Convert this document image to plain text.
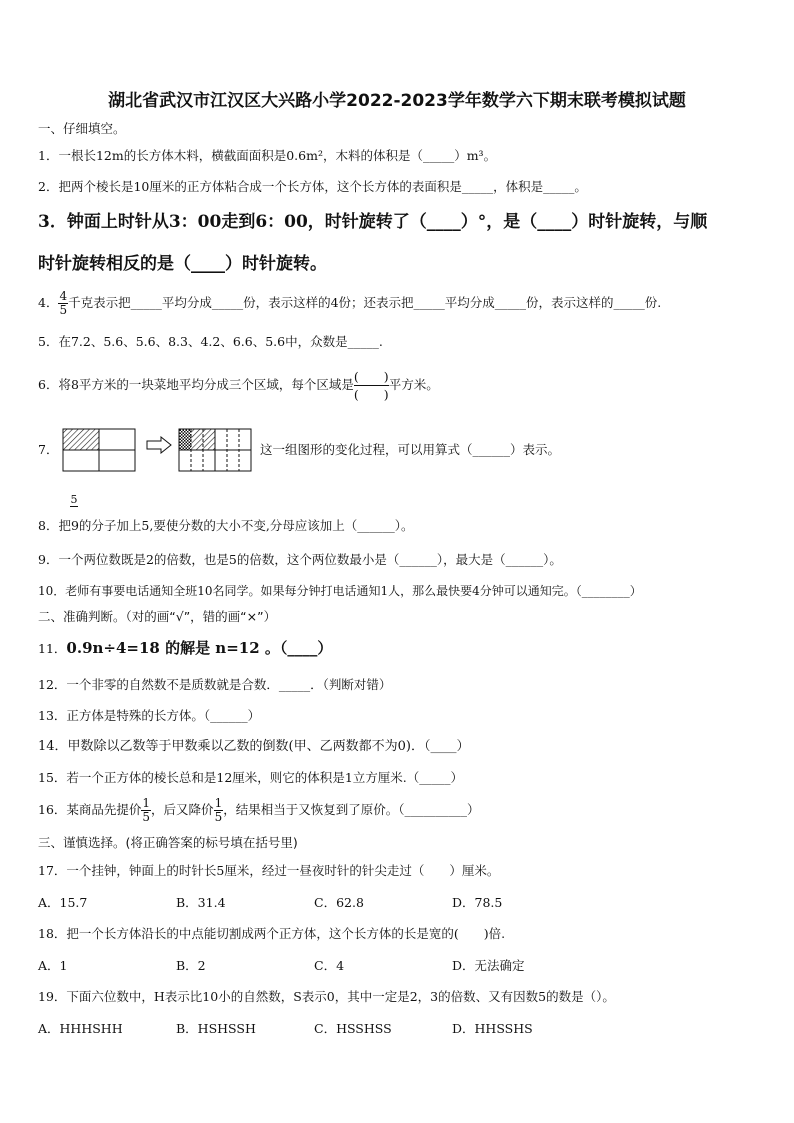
湖北省武汉市江汉区大兴路小学2022-2023学年数学六下期末联考模拟试题
一、仔细填空。
1．一根长12m的长方体木料，横截面面积是0.6m²，木料的体积是（_____）m³。
2．把两个棱长是10厘米的正方体粘合成一个长方体，这个长方体的表面积是_____，体积是_____。
3．钟面上时针从3：00走到6：00，时针旋转了（____）°，是（____）时针旋转，与顺
时针旋转相反的是（____）时针旋转。
4． $\frac{4}{5}$ 千克表示把_____平均分成_____份，表示这样的4份；还表示把_____平均分成_____份，表示这样的_____份.
5．在7.2、5.6、5.6、8.3、4.2、6.6、5.6中，众数是_____.
6．将8平方米的一块菜地平均分成三个区域，每个区域是
(　　)
(　　)
平方米。
7．	这一组图形的变化过程，可以用算式（______）表示。
5
8．把9的分子加上5,要使分数的大小不变,分母应该加上（______）。
9．一个两位数既是2的倍数，也是5的倍数，这个两位数最小是（______），最大是（______）。
10．老师有事要电话通知全班10名同学。如果每分钟打电话通知1人，那么最快要4分钟可以通知完。（________）
二、准确判断。（对的画“√”，错的画“×”）
11．0.9n÷4=18 的解是 n=12 。（____）
12．一个非零的自然数不是质数就是合数．_____．（判断对错）
13．正方体是特殊的长方体。（______）
14．甲数除以乙数等于甲数乘以乙数的倒数(甲、乙两数都不为0)．（____）
15．若一个正方体的棱长总和是12厘米，则它的体积是1立方厘米.（_____）
16．某商品先提价 $\frac{1}{5}$ ，后又降价 $\frac{1}{5}$ ，结果相当于又恢复到了原价。（__________）
三、谨慎选择。(将正确答案的标号填在括号里)
17．一个挂钟，钟面上的时针长5厘米，经过一昼夜时针的针尖走过（　　）厘米。
A．15.7	B．31.4	C．62.8	D．78.5
18．把一个长方体沿长的中点能切割成两个正方体，这个长方体的长是宽的(　　)倍.
A．1	B．2	C．4	D．无法确定
19．下面六位数中，H表示比10小的自然数，S表示0，其中一定是2，3的倍数、又有因数5的数是（）。
A．HHHSHH	B．HSHSSH	C．HSSHSS	D．HHSSHS
